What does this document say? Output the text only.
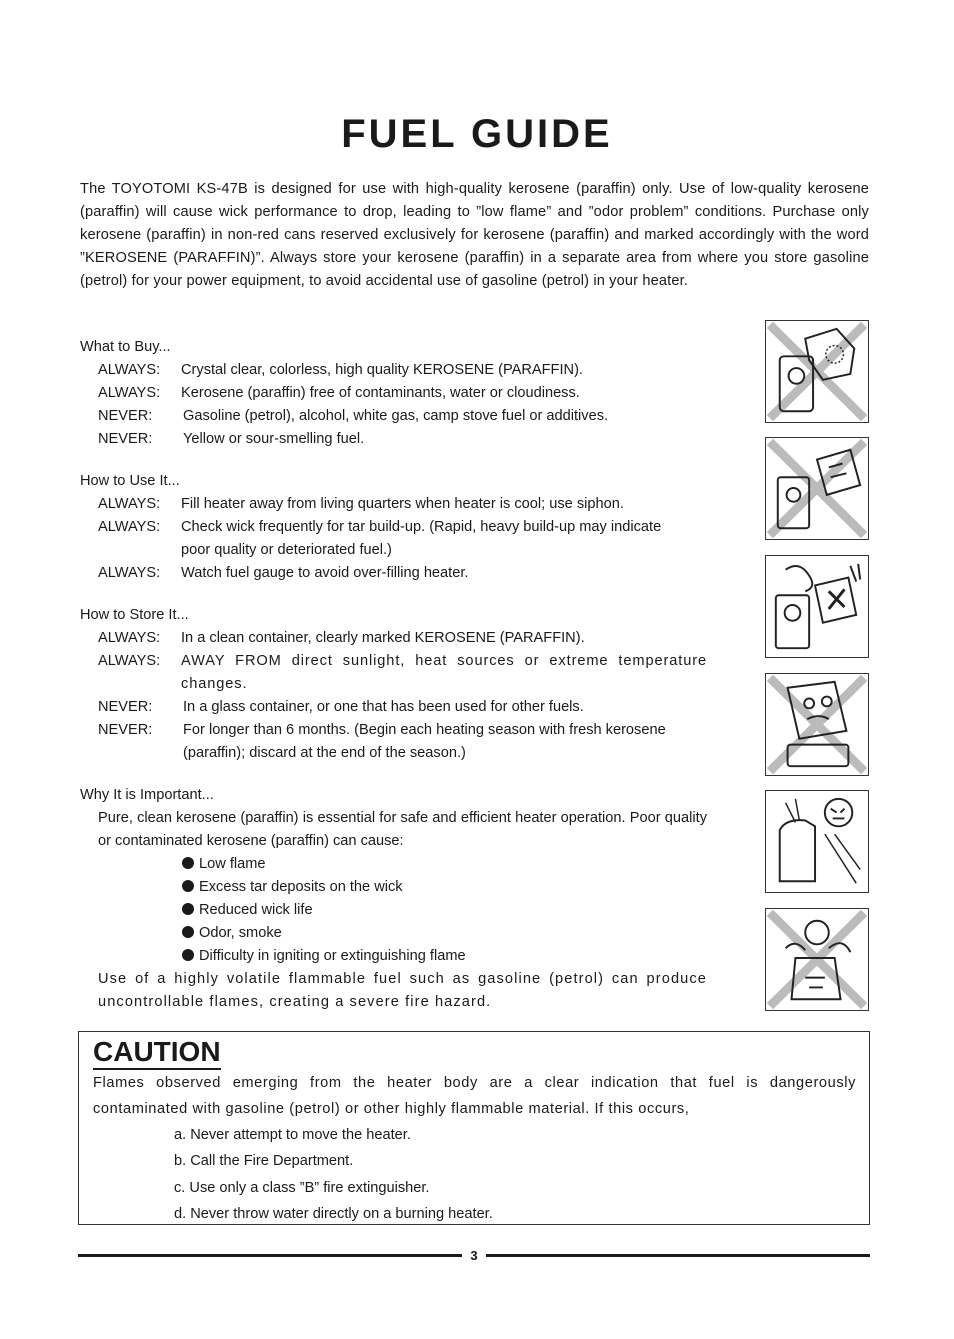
FUEL GUIDE
The TOYOTOMI KS-47B is designed for use with high-quality kerosene (paraffin) only. Use of low-quality kerosene (paraffin) will cause wick performance to drop, leading to ”low flame” and ”odor problem” conditions. Purchase only kerosene (paraffin) in non-red cans reserved exclusively for kerosene (paraffin) and marked accordingly with the word ”KEROSENE (PARAFFIN)”. Always store your kerosene (paraffin) in a separate area from where you store gasoline (petrol) for your power equipment, to avoid accidental use of gasoline (petrol) in your heater.
What to Buy...
ALWAYS:	Crystal clear, colorless, high quality KEROSENE (PARAFFIN).
ALWAYS:	Kerosene (paraffin) free of contaminants, water or cloudiness.
NEVER:	Gasoline (petrol), alcohol, white gas, camp stove fuel or additives.
NEVER:	Yellow or sour-smelling fuel.
How to Use It...
ALWAYS:	Fill heater away from living quarters when heater is cool; use siphon.
ALWAYS:	Check wick frequently for tar build-up. (Rapid, heavy build-up may indicate poor quality or deteriorated fuel.)
ALWAYS:	Watch fuel gauge to avoid over-filling heater.
How to Store It...
ALWAYS:	In a clean container, clearly marked KEROSENE (PARAFFIN).
ALWAYS:	AWAY FROM direct sunlight, heat sources or extreme temperature changes.
NEVER:	In a glass container, or one that has been used for other fuels.
NEVER:	For longer than 6 months. (Begin each heating season with fresh kerosene (paraffin); discard at the end of the season.)
Why It is Important...
Pure, clean kerosene (paraffin) is essential for safe and efficient heater operation. Poor quality or contaminated kerosene (paraffin) can cause:
Low flame
Excess tar deposits on the wick
Reduced wick life
Odor, smoke
Difficulty in igniting or extinguishing flame
Use of a highly volatile flammable fuel such as gasoline (petrol) can produce uncontrollable flames, creating a severe fire hazard.
CAUTION
Flames observed emerging from the heater body are a clear indication that fuel is dangerously contaminated with gasoline (petrol) or other highly flammable material. If this occurs,
a. Never attempt to move the heater.
b. Call the Fire Department.
c. Use only a class ”B” fire extinguisher.
d. Never throw water directly on a burning heater.
3
